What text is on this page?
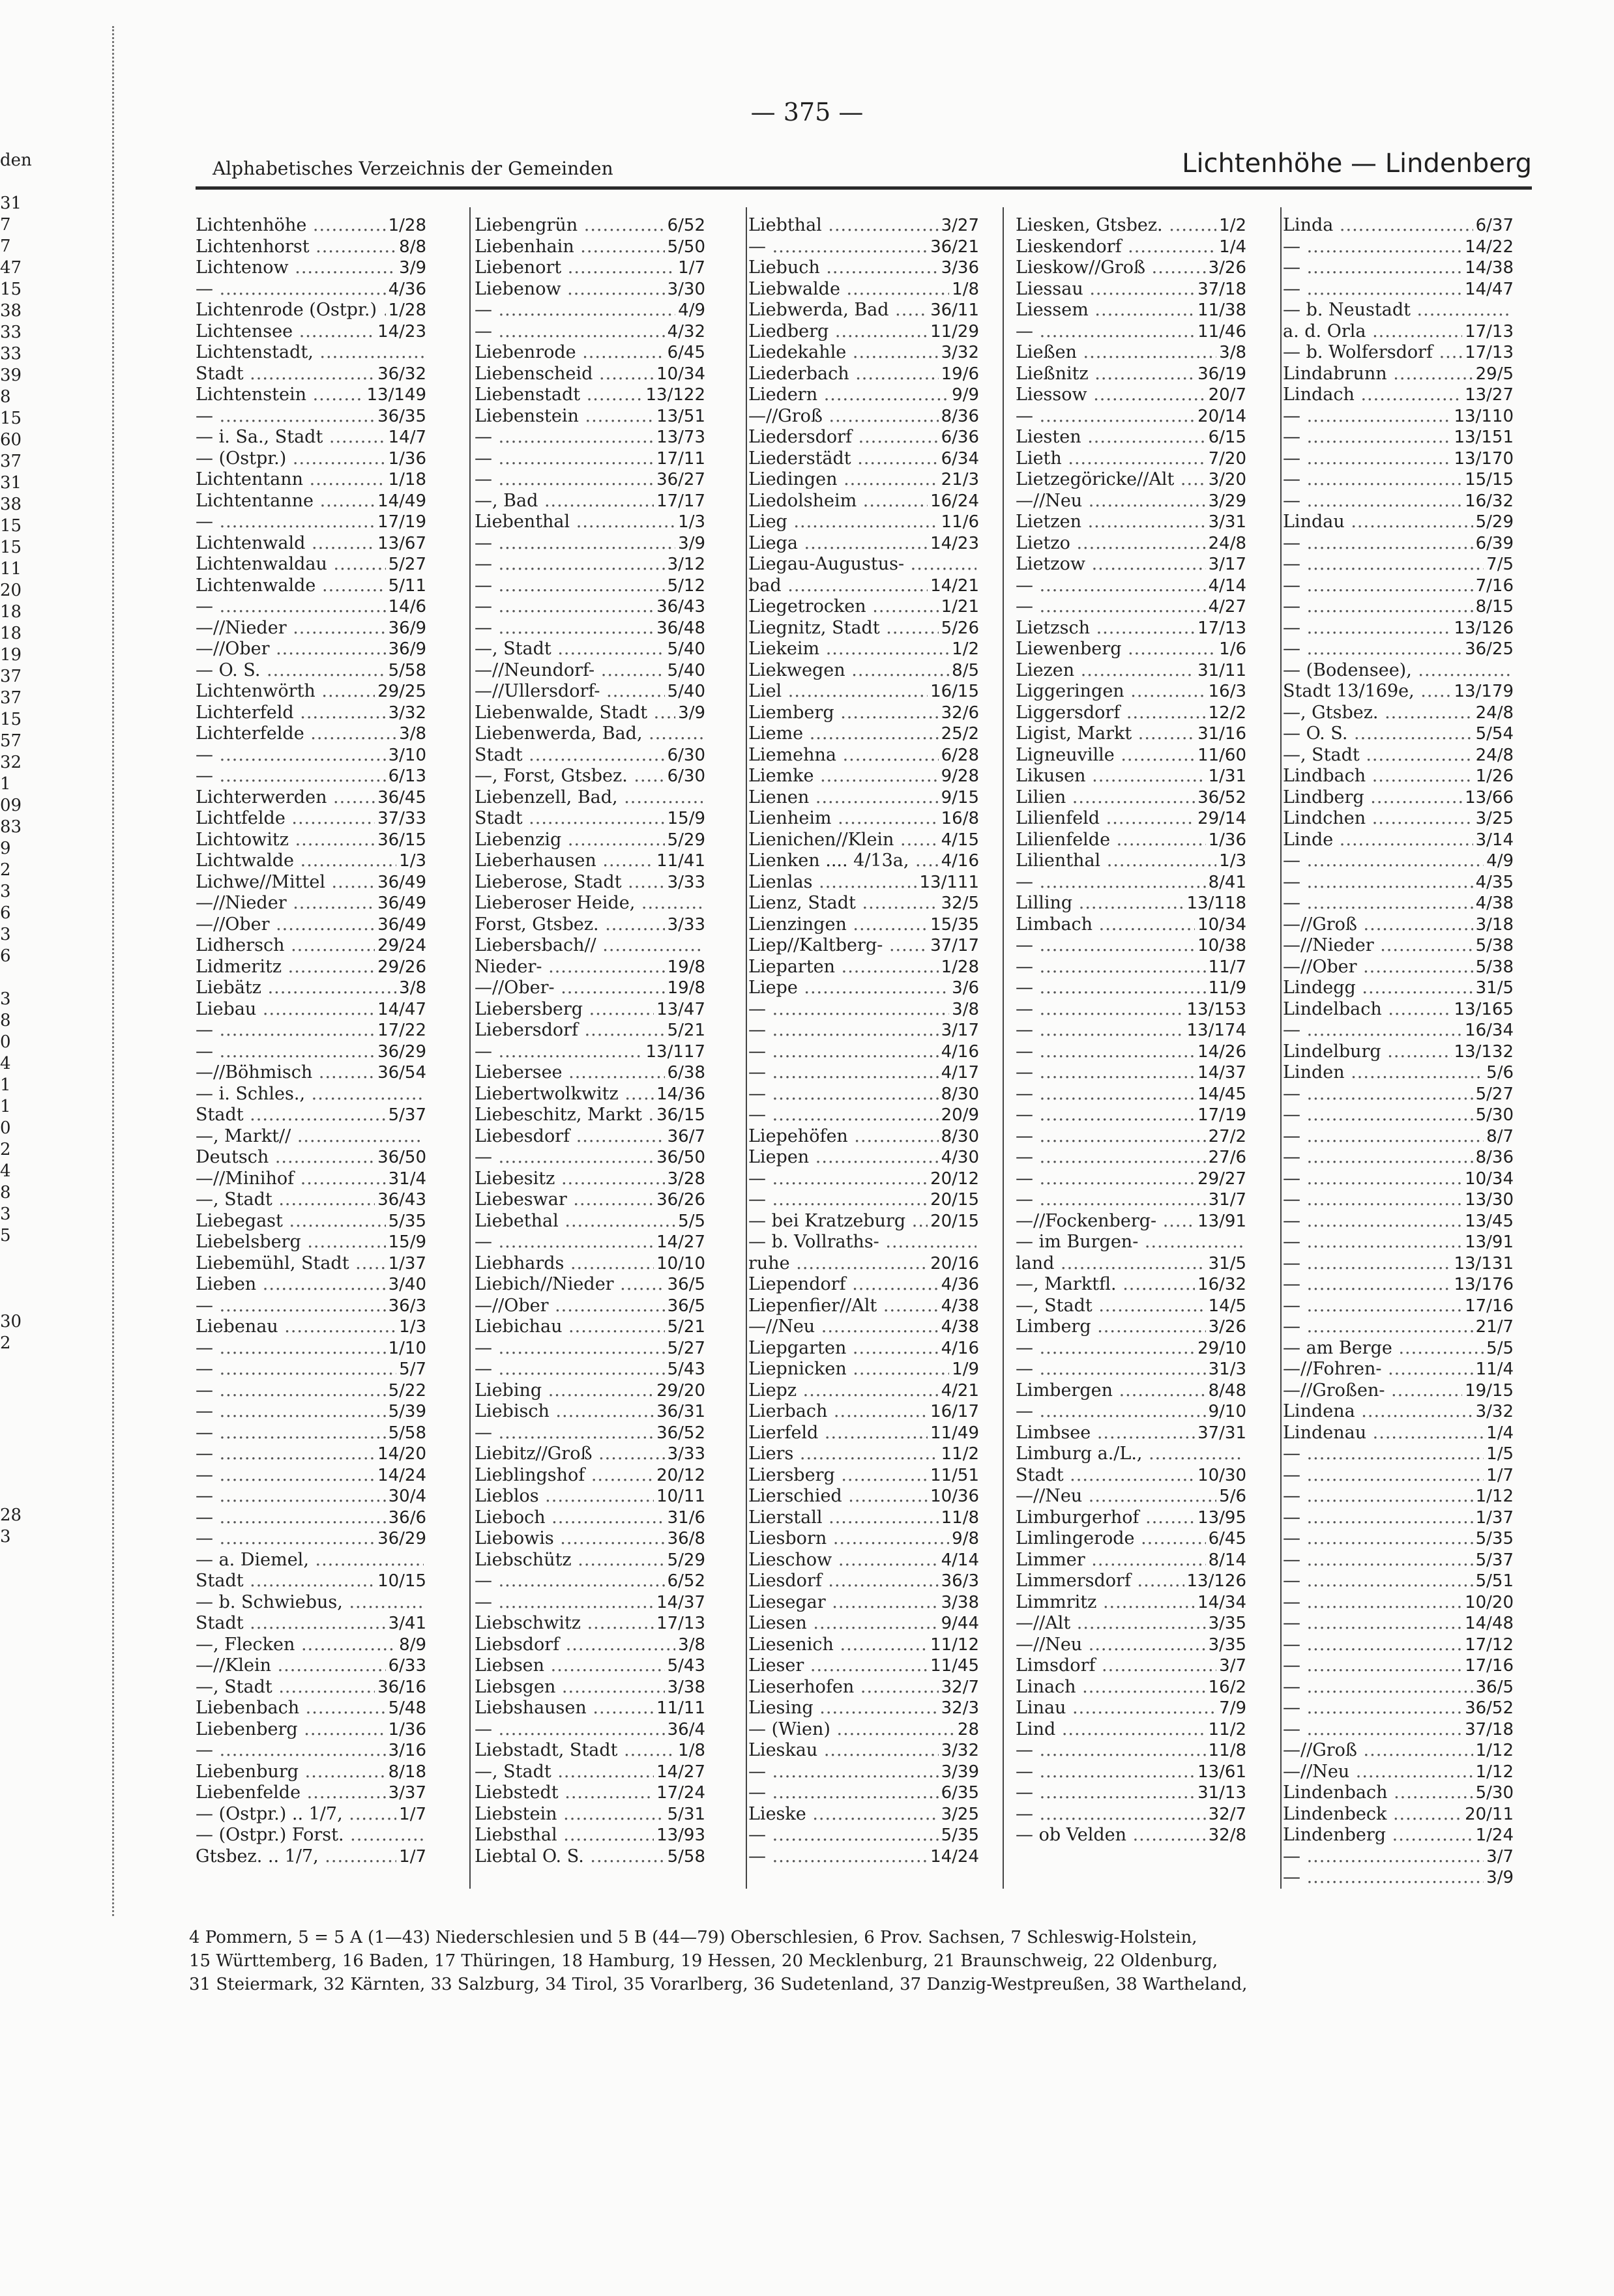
den
31
7
7
47
15
38
33
33
39
8
15
60
37
31
38
15
15
11
20
18
18
19
37
37
15
57
32
1
09
83
9
2
3
6
3
6
3
8
0
4
1
1
0
2
4
8
3
5
30
2
28
3
— 375 —
Alphabetisches Verzeichnis der Gemeinden	Lichtenhöhe — Lindenberg
Lichtenhöhe .....	1/28
Lichtenhorst .....	8/8
Lichtenow .....	3/9
— .....	4/36
Lichtenrode (Ostpr.) ..... 1/28
Lichtensee .....	14/23
Lichtenstadt, .....
Stadt .....	36/32
Lichtenstein .....	13/149
— .....	36/35
— i. Sa., Stadt .....	14/7
— (Ostpr.) .....	1/36
Lichtentann .....	1/18
Lichtentanne .....	14/49
— .....	17/19
Lichtenwald .....	13/67
Lichtenwaldau .....	5/27
Lichtenwalde .....	5/11
— .....	14/6
—//Nieder .....	36/9
—//Ober .....	36/9
— O. S. .....	5/58
Lichtenwörth .....	29/25
Lichterfeld .....	3/32
Lichterfelde .....	3/8
— .....	3/10
— .....	6/13
Lichterwerden .....	36/45
Lichtfelde .....	37/33
Lichtowitz .....	36/15
Lichtwalde .....	1/3
Lichwe//Mittel .....	36/49
—//Nieder .....	36/49
—//Ober .....	36/49
Lidhersch .....	29/24
Lidmeritz .....	29/26
Liebätz .....	3/8
Liebau .....	14/47
— .....	17/22
— .....	36/29
—//Böhmisch .....	36/54
— i. Schles., .....
Stadt .....	5/37
—, Markt// .....
Deutsch .....	36/50
—//Minihof .....	31/4
—, Stadt .....	36/43
Liebegast .....	5/35
Liebelsberg .....	15/9
Liebemühl, Stadt .....	1/37
Lieben .....	3/40
— .....	36/3
Liebenau .....	1/3
— .....	1/10
— .....	5/7
— .....	5/22
— .....	5/39
— .....	5/58
— .....	14/20
— .....	14/24
— .....	30/4
— .....	36/6
— .....	36/29
— a. Diemel, .....
Stadt .....	10/15
— b. Schwiebus, .....
Stadt .....	3/41
—, Flecken .....	8/9
—//Klein .....	6/33
—, Stadt .....	36/16
Liebenbach .....	5/48
Liebenberg .....	1/36
— .....	3/16
Liebenburg .....	8/18
Liebenfelde .....	3/37
— (Ostpr.) .. 1/7, .....	1/7
— (Ostpr.) Forst. .....
Gtsbez. .. 1/7, .....	1/7
Liebengrün .....	6/52
Liebenhain .....	5/50
Liebenort .....	1/7
Liebenow .....	3/30
— .....	4/9
— .....	4/32
Liebenrode .....	6/45
Liebenscheid .....	10/34
Liebenstadt .....	13/122
Liebenstein .....	13/51
— .....	13/73
— .....	17/11
— .....	36/27
—, Bad .....	17/17
Liebenthal .....	1/3
— .....	3/9
— .....	3/12
— .....	5/12
— .....	36/43
— .....	36/48
—, Stadt .....	5/40
—//Neundorf- .....	5/40
—//Ullersdorf- .....	5/40
Liebenwalde, Stadt .....	3/9
Liebenwerda, Bad, .....
Stadt .....	6/30
—, Forst, Gtsbez. .....	6/30
Liebenzell, Bad, .....
Stadt .....	15/9
Liebenzig .....	5/29
Lieberhausen .....	11/41
Lieberose, Stadt .....	3/33
Lieberoser Heide, .....
Forst, Gtsbez. .....	3/33
Liebersbach// .....
Nieder- .....	19/8
—//Ober- .....	19/8
Liebersberg .....	13/47
Liebersdorf .....	5/21
— .....	13/117
Liebersee .....	6/38
Liebertwolkwitz .....	14/36
Liebeschitz, Markt ..... 36/15
Liebesdorf .....	36/7
— .....	36/50
Liebesitz .....	3/28
Liebeswar .....	36/26
Liebethal .....	5/5
— .....	14/27
Liebhards .....	10/10
Liebich//Nieder .....	36/5
—//Ober .....	36/5
Liebichau .....	5/21
— .....	5/27
— .....	5/43
Liebing .....	29/20
Liebisch .....	36/31
— .....	36/52
Liebitz//Groß .....	3/33
Lieblingshof .....	20/12
Lieblos .....	10/11
Lieboch .....	31/6
Liebowis .....	36/8
Liebschütz .....	5/29
— .....	6/52
— .....	14/37
Liebschwitz .....	17/13
Liebsdorf .....	3/8
Liebsen .....	5/43
Liebsgen .....	3/38
Liebshausen .....	11/11
— .....	36/4
Liebstadt, Stadt .....	1/8
—, Stadt .....	14/27
Liebstedt .....	17/24
Liebstein .....	5/31
Liebsthal .....	13/93
Liebtal O. S. .....	5/58
Liebthal .....	3/27
— .....	36/21
Liebuch .....	3/36
Liebwalde .....	1/8
Liebwerda, Bad .....	36/11
Liedberg .....	11/29
Liedekahle .....	3/32
Liederbach .....	19/6
Liedern .....	9/9
—//Groß .....	8/36
Liedersdorf .....	6/36
Liederstädt .....	6/34
Liedingen .....	21/3
Liedolsheim .....	16/24
Lieg .....	11/6
Liega .....	14/23
Liegau-Augustus- .....
bad .....	14/21
Liegetrocken .....	1/21
Liegnitz, Stadt .....	5/26
Liekeim .....	1/2
Liekwegen .....	8/5
Liel .....	16/15
Liemberg .....	32/6
Lieme .....	25/2
Liemehna .....	6/28
Liemke .....	9/28
Lienen .....	9/15
Lienheim .....	16/8
Lienichen//Klein .....	4/15
Lienken .... 4/13a, .....	4/16
Lienlas .....	13/111
Lienz, Stadt .....	32/5
Lienzingen .....	15/35
Liep//Kaltberg- .....	37/17
Lieparten .....	1/28
Liepe .....	3/6
— .....	3/8
— .....	3/17
— .....	4/16
— .....	4/17
— .....	8/30
— .....	20/9
Liepehöfen .....	8/30
Liepen .....	4/30
— .....	20/12
— .....	20/15
— bei Kratzeburg .....	20/15
— b. Vollraths- .....
ruhe .....	20/16
Liependorf .....	4/36
Liepenfier//Alt .....	4/38
—//Neu .....	4/38
Liepgarten .....	4/16
Liepnicken .....	1/9
Liepz .....	4/21
Lierbach .....	16/17
Lierfeld .....	11/49
Liers .....	11/2
Liersberg .....	11/51
Lierschied .....	10/36
Lierstall .....	11/8
Liesborn .....	9/8
Lieschow .....	4/14
Liesdorf .....	36/3
Liesegar .....	3/38
Liesen .....	9/44
Liesenich .....	11/12
Lieser .....	11/45
Lieserhofen .....	32/7
Liesing .....	32/3
— (Wien) .....	28
Lieskau .....	3/32
— .....	3/39
— .....	6/35
Lieske .....	3/25
— .....	5/35
— .....	14/24
Liesken, Gtsbez. .....	1/2
Lieskendorf .....	1/4
Lieskow//Groß .....	3/26
Liessau .....	37/18
Liessem .....	11/38
— .....	11/46
Ließen .....	3/8
Ließnitz .....	36/19
Liessow .....	20/7
— .....	20/14
Liesten .....	6/15
Lieth .....	7/20
Lietzegöricke//Alt .....	3/20
—//Neu .....	3/29
Lietzen .....	3/31
Lietzo .....	24/8
Lietzow .....	3/17
— .....	4/14
— .....	4/27
Lietzsch .....	17/13
Liewenberg .....	1/6
Liezen .....	31/11
Liggeringen .....	16/3
Liggersdorf .....	12/2
Ligist, Markt .....	31/16
Ligneuville .....	11/60
Likusen .....	1/31
Lilien .....	36/52
Lilienfeld .....	29/14
Lilienfelde .....	1/36
Lilienthal .....	1/3
— .....	8/41
Lilling .....	13/118
Limbach .....	10/34
— .....	10/38
— .....	11/7
— .....	11/9
— .....	13/153
— .....	13/174
— .....	14/26
— .....	14/37
— .....	14/45
— .....	17/19
— .....	27/2
— .....	27/6
— .....	29/27
— .....	31/7
—//Fockenberg- .....	13/91
— im Burgen- .....
land .....	31/5
—, Marktfl. .....	16/32
—, Stadt .....	14/5
Limberg .....	3/26
— .....	29/10
— .....	31/3
Limbergen .....	8/48
— .....	9/10
Limbsee .....	37/31
Limburg a./L., .....
Stadt .....	10/30
—//Neu .....	5/6
Limburgerhof .....	13/95
Limlingerode .....	6/45
Limmer .....	8/14
Limmersdorf .....	13/126
Limmritz .....	14/34
—//Alt .....	3/35
—//Neu .....	3/35
Limsdorf .....	3/7
Linach .....	16/2
Linau .....	7/9
Lind .....	11/2
— .....	11/8
— .....	13/61
— .....	31/13
— .....	32/7
— ob Velden .....	32/8
Linda .....	6/37
— .....	14/22
— .....	14/38
— .....	14/47
— b. Neustadt .....
a. d. Orla .....	17/13
— b. Wolfersdorf .....	17/13
Lindabrunn .....	29/5
Lindach .....	13/27
— .....	13/110
— .....	13/151
— .....	13/170
— .....	15/15
— .....	16/32
Lindau .....	5/29
— .....	6/39
— .....	7/5
— .....	7/16
— .....	8/15
— .....	13/126
— .....	36/25
— (Bodensee), .....
Stadt 13/169e, .....	13/179
—, Gtsbez. .....	24/8
— O. S. .....	5/54
—, Stadt .....	24/8
Lindbach .....	1/26
Lindberg .....	13/66
Lindchen .....	3/25
Linde .....	3/14
— .....	4/9
— .....	4/35
— .....	4/38
—//Groß .....	3/18
—//Nieder .....	5/38
—//Ober .....	5/38
Lindegg .....	31/5
Lindelbach .....	13/165
— .....	16/34
Lindelburg .....	13/132
Linden .....	5/6
— .....	5/27
— .....	5/30
— .....	8/7
— .....	8/36
— .....	10/34
— .....	13/30
— .....	13/45
— .....	13/91
— .....	13/131
— .....	13/176
— .....	17/16
— .....	21/7
— am Berge .....	5/5
—//Fohren- .....	11/4
—//Großen- .....	19/15
Lindena .....	3/32
Lindenau .....	1/4
— .....	1/5
— .....	1/7
— .....	1/12
— .....	1/37
— .....	5/35
— .....	5/37
— .....	5/51
— .....	10/20
— .....	14/48
— .....	17/12
— .....	17/16
— .....	36/5
— .....	36/52
— .....	37/18
—//Groß .....	1/12
—//Neu .....	1/12
Lindenbach .....	5/30
Lindenbeck .....	20/11
Lindenberg .....	1/24
— .....	3/7
— .....	3/9
4 Pommern, 5 = 5 A (1—43) Niederschlesien und 5 B (44—79) Oberschlesien, 6 Prov. Sachsen, 7 Schleswig-Holstein,
15 Württemberg, 16 Baden, 17 Thüringen, 18 Hamburg, 19 Hessen, 20 Mecklenburg, 21 Braunschweig, 22 Oldenburg,
31 Steiermark, 32 Kärnten, 33 Salzburg, 34 Tirol, 35 Vorarlberg, 36 Sudetenland, 37 Danzig-Westpreußen, 38 Wartheland,
